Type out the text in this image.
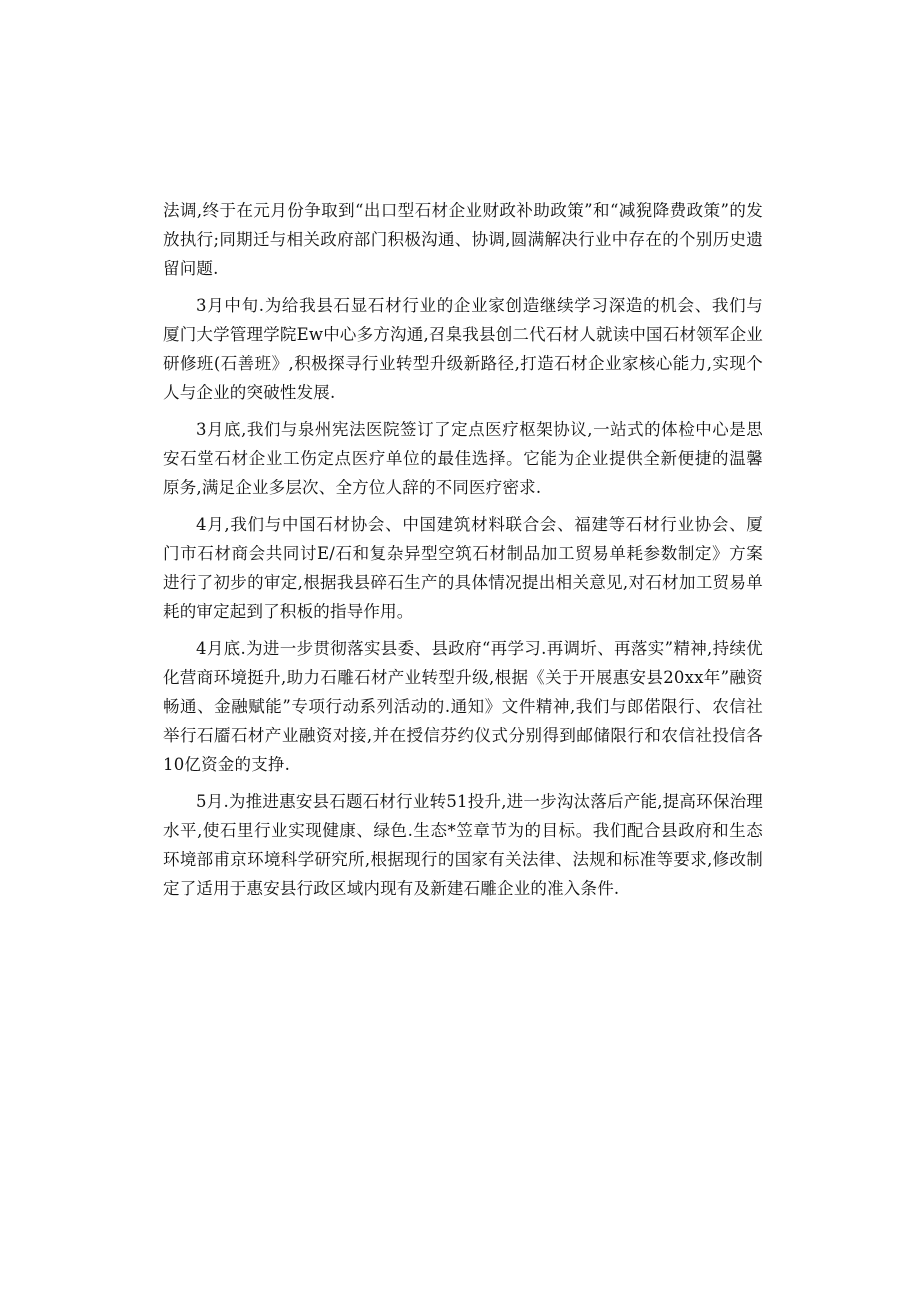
法调,终于在元月份争取到“出口型石材企业财政补助政策”和“减猊降费政策”的发放执行;同期迁与相关政府部门积极沟通、协调,圆满解决行业中存在的个别历史遗留问题.

3月中旬.为给我县石显石材行业的企业家创造继续学习深造的机会、我们与厦门大学管理学院Ew中心多方沟通,召臬我县创二代石材人就读中国石材领军企业研修班(石善班》,积极探寻行业转型升级新路径,打造石材企业家核心能力,实现个人与企业的突破性发展.

3月底,我们与泉州宪法医院签订了定点医疗枢架协议,一站式的体检中心是思安石堂石材企业工伤定点医疗单位的最佳选择。它能为企业提供全新便捷的温馨原务,满足企业多层次、全方位人辞的不同医疗密求.

4月,我们与中国石材协会、中国建筑材料联合会、福建等石材行业协会、厦门市石材商会共同讨E/石和复杂异型空筑石材制品加工贸易单耗参数制定》方案进行了初步的审定,根据我县碎石生产的具体情况提出相关意见,对石材加工贸易单耗的审定起到了积板的指导作用。

4月底.为进一步贯彻落实县委、县政府“再学习.再调圻、再落实”精神,持续优化营商环境挺升,助力石雕石材产业转型升级,根据《关于开展惠安县20xx年”融资畅通、金融赋能”专项行动系列活动的.通知》文件精神,我们与郎偌限行、农信社举行石靥石材产业融资对接,并在授信芬约仪式分别得到邮储限行和农信社投信各10亿资金的支挣.

5月.为推进惠安县石题石材行业转51投升,进一步沟汰落后产能,提高环保治理水平,使石里行业实现健康、绿色.生态*笠章节为的目标。我们配合县政府和生态环境部甫京环境科学研究所,根据现行的国家有关法律、法规和标准等要求,修改制定了适用于惠安县行政区域内现有及新建石雕企业的准入条件.
